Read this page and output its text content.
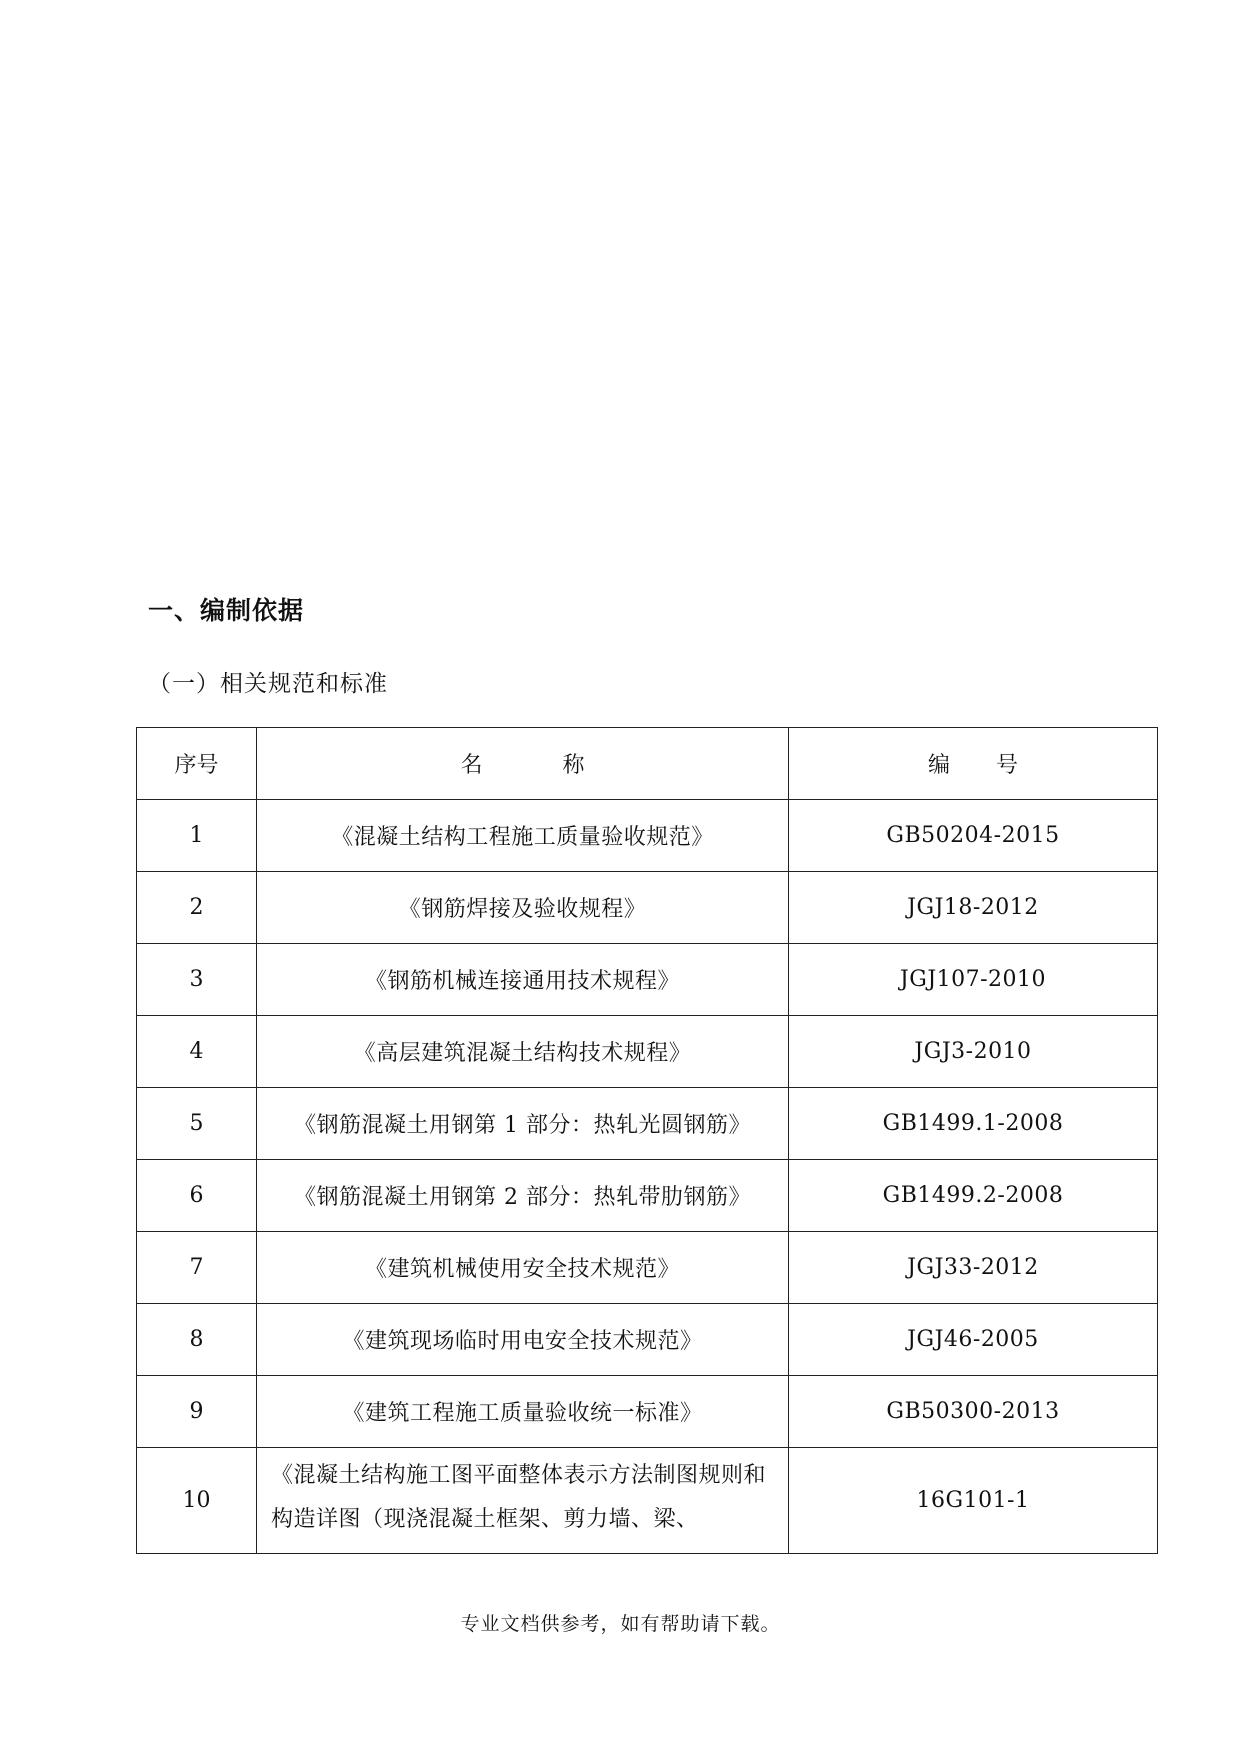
一、编制依据
（一）相关规范和标准
序号	名称	编号
1	《混凝土结构工程施工质量验收规范》	GB50204-2015
2	《钢筋焊接及验收规程》	JGJ18-2012
3	《钢筋机械连接通用技术规程》	JGJ107-2010
4	《高层建筑混凝土结构技术规程》	JGJ3-2010
5	《钢筋混凝土用钢第 1 部分：热轧光圆钢筋》	GB1499.1-2008
6	《钢筋混凝土用钢第 2 部分：热轧带肋钢筋》	GB1499.2-2008
7	《建筑机械使用安全技术规范》	JGJ33-2012
8	《建筑现场临时用电安全技术规范》	JGJ46-2005
9	《建筑工程施工质量验收统一标准》	GB50300-2013
10	《混凝土结构施工图平面整体表示方法制图规则和构造详图（现浇混凝土框架、剪力墙、梁、	16G101-1
专业文档供参考，如有帮助请下载。
